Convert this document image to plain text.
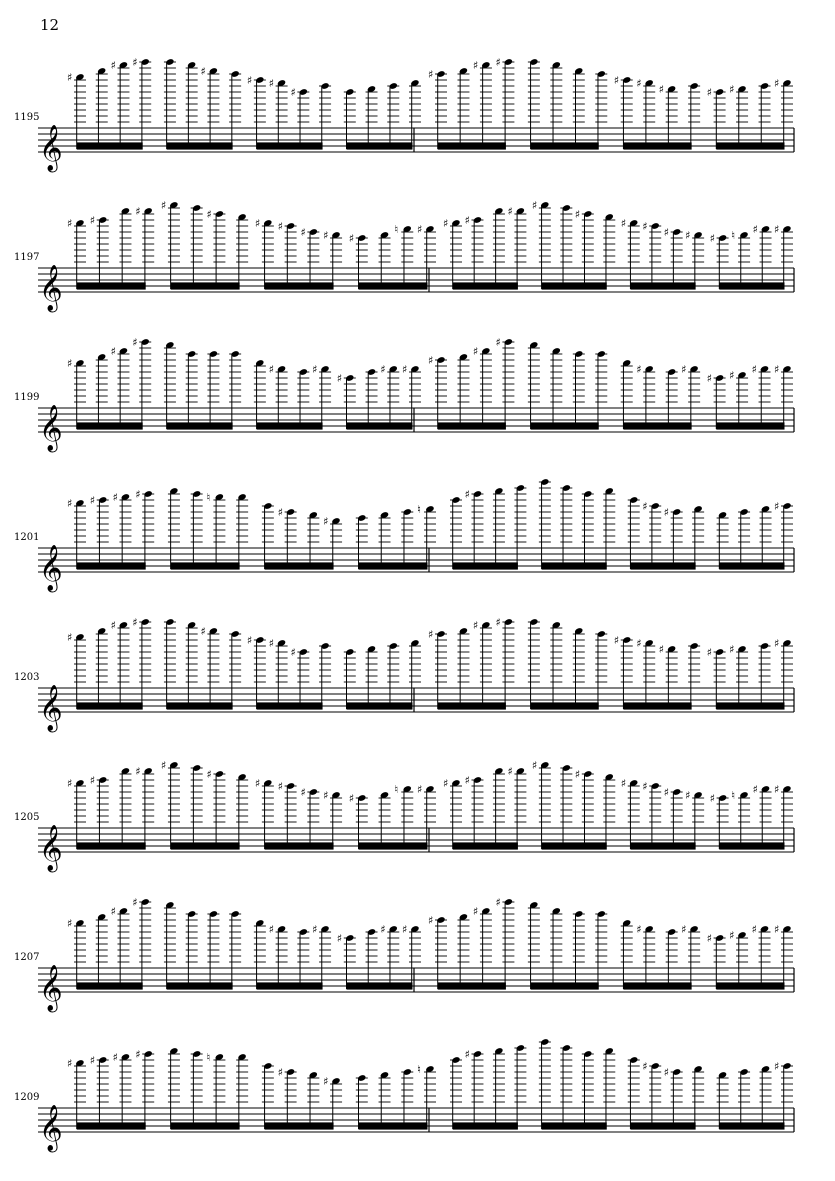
12
𝄞
1195
♯
♯ ♯
♯
♯ ♯
♯
♯
♯ ♯
♯ ♯ ♯	♯ ♯	♯
𝄞
1197
♯ ♯
♯ ♯
♯
♯ ♯ ♯ ♯ ♯
♮ ♯ ♯ ♯
♯ ♯
♯
♯ ♯ ♯ ♯ ♯ ♮ ♯ ♯
𝄞
1199
♯
♯
♯
♯	♯
♯
♯ ♯
♯
♯
♯
♯	♯
♯ ♯ ♯ ♯
𝄞
1201
♯ ♯ ♯ ♯	♮
♯
♯
♮
♯
♯ ♯	♯
𝄞
1203
♯
♯ ♯
♯
♯ ♯
♯
♯
♯ ♯
♯ ♯ ♯	♯ ♯	♯
𝄞
1205
♯ ♯
♯ ♯
♯
♯ ♯ ♯ ♯ ♯
♮ ♯ ♯ ♯
♯ ♯
♯
♯ ♯ ♯ ♯ ♯ ♮ ♯ ♯
𝄞
1207
♯
♯
♯
♯	♯
♯
♯ ♯
♯
♯
♯
♯	♯
♯ ♯ ♯ ♯
𝄞
1209
♯ ♯ ♯ ♯	♮
♯
♯
♮
♯
♯ ♯	♯
